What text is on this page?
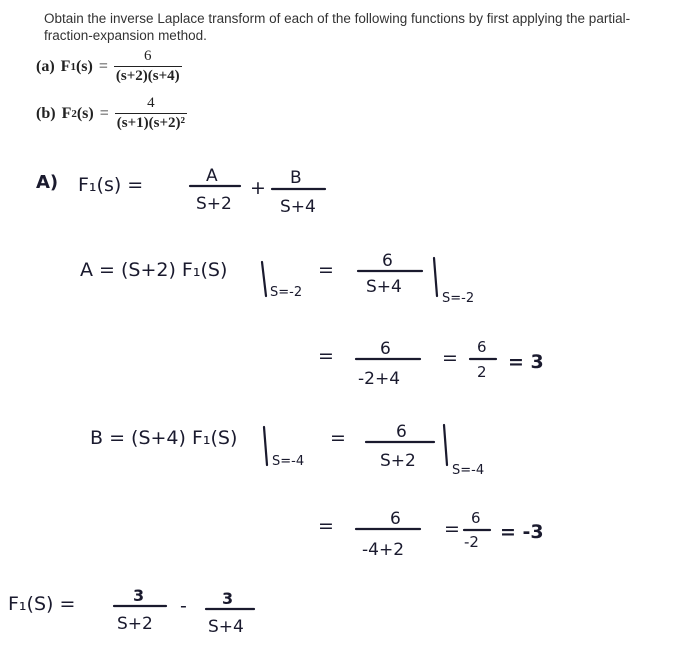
Obtain the inverse Laplace transform of each of the following functions by first applying the partial-fraction-expansion method.
(a) F 1 $(s) = \frac{6}{(s+2)(s+4)}$
(b) F 2 $(s) = \frac{4}{\text{(s+1)(s+2)²}}$
A) F₁(s) =	A
S+2
+ B
S+4
A = (S+2) F₁(S)
S=-2
=	6
S+4
S=-2
=	6
-2+4
= 6
2 = 3
B = (S+4) F₁(S)
S=-4
=	6
S+2	S=-4
=	6
-4+2
= 6
-2 = -3
F₁(S) =	3
S+2
- 3
S+4
